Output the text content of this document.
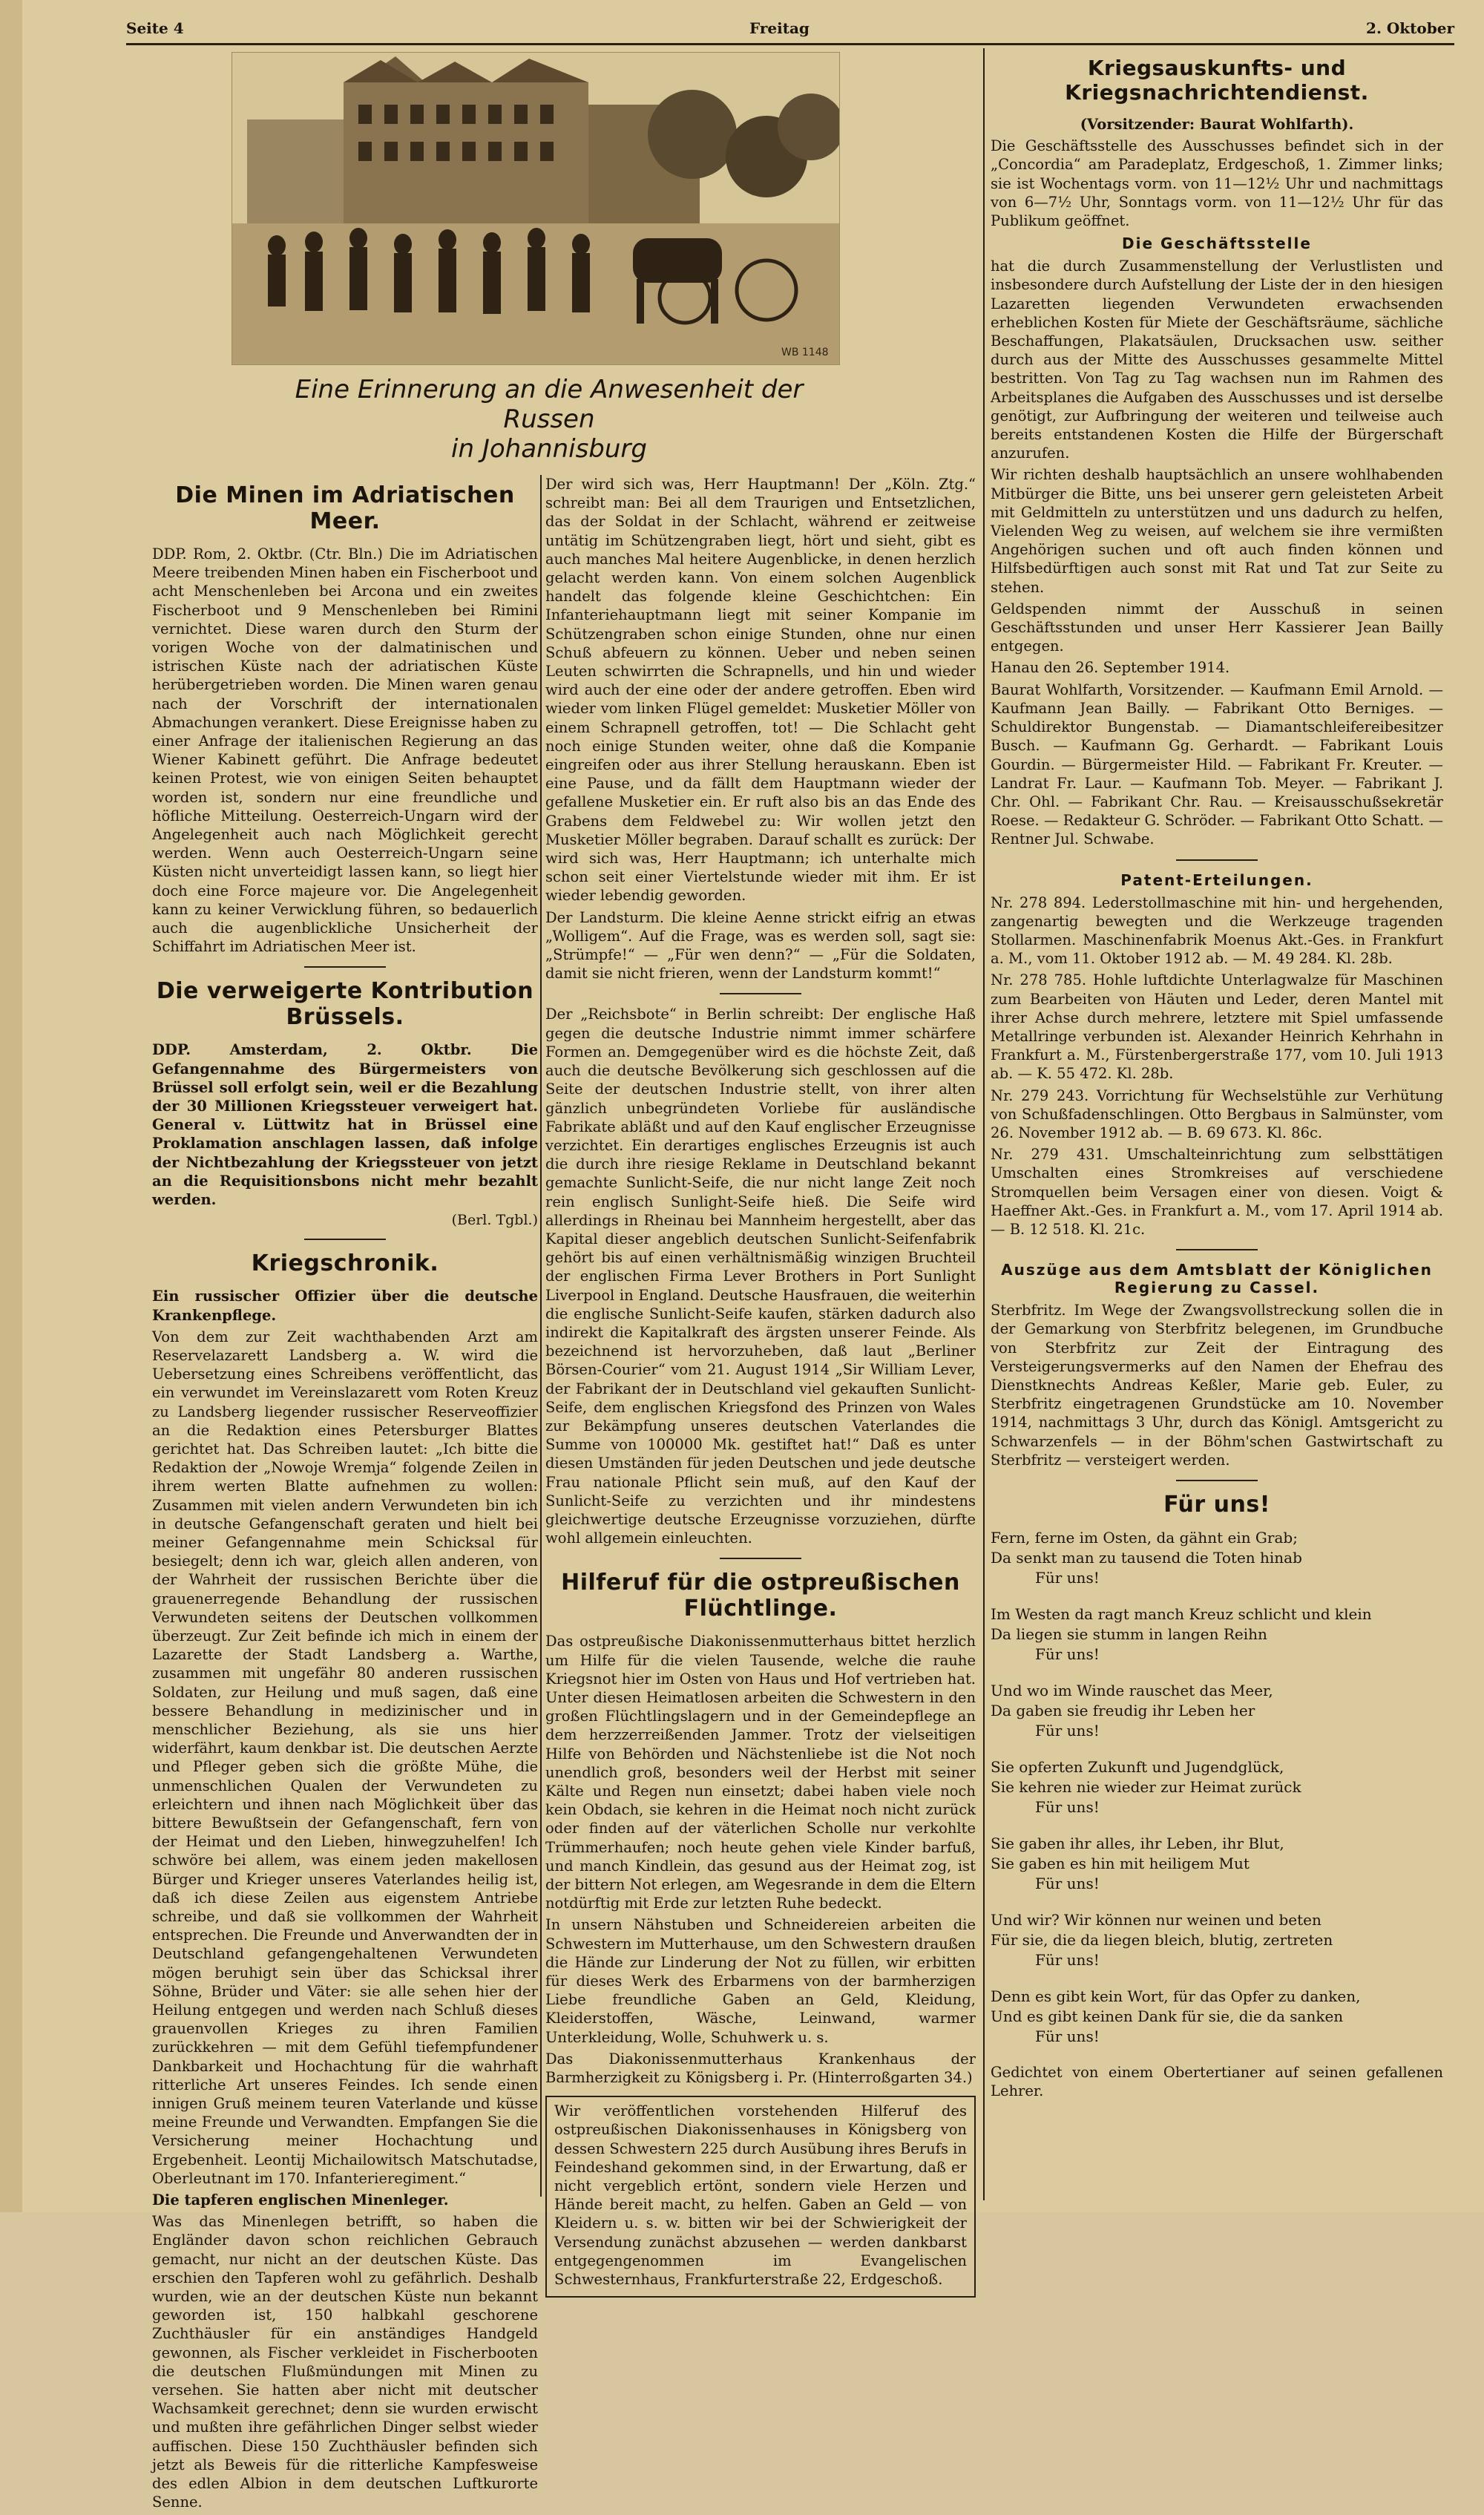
Seite 4	Freitag	2. Oktober
WB 1148
Eine Erinnerung an die Anwesenheit der Russen
in Johannisburg
Die Minen im Adriatischen Meer.

DDP. Rom, 2. Oktbr. (Ctr. Bln.) Die im Adriatischen Meere treibenden Minen haben ein Fischerboot und acht Menschenleben bei Arcona und ein zweites Fischerboot und 9 Menschenleben bei Rimini vernichtet. Diese waren durch den Sturm der vorigen Woche von der dalmatinischen und istrischen Küste nach der adriatischen Küste herübergetrieben worden. Die Minen waren genau nach der Vorschrift der internationalen Abmachungen verankert. Diese Ereignisse haben zu einer Anfrage der italienischen Regierung an das Wiener Kabinett geführt. Die Anfrage bedeutet keinen Protest, wie von einigen Seiten behauptet worden ist, sondern nur eine freundliche und höfliche Mitteilung. Oesterreich-Ungarn wird der Angelegenheit auch nach Möglichkeit gerecht werden. Wenn auch Oesterreich-Ungarn seine Küsten nicht unverteidigt lassen kann, so liegt hier doch eine Force majeure vor. Die Angelegenheit kann zu keiner Verwicklung führen, so bedauerlich auch die augenblickliche Unsicherheit der Schiffahrt im Adriatischen Meer ist.

Die verweigerte Kontribution Brüssels.

DDP. Amsterdam, 2. Oktbr. Die Gefangennahme des Bürgermeisters von Brüssel soll erfolgt sein, weil er die Bezahlung der 30 Millionen Kriegssteuer verweigert hat. General v. Lüttwitz hat in Brüssel eine Proklamation anschlagen lassen, daß infolge der Nichtbezahlung der Kriegssteuer von jetzt an die Requisitionsbons nicht mehr bezahlt werden.

(Berl. Tgbl.)
Kriegschronik.

Ein russischer Offizier über die deutsche Krankenpflege.

Von dem zur Zeit wachthabenden Arzt am Reservelazarett Landsberg a. W. wird die Uebersetzung eines Schreibens veröffentlicht, das ein verwundet im Vereinslazarett vom Roten Kreuz zu Landsberg liegender russischer Reserveoffizier an die Redaktion eines Petersburger Blattes gerichtet hat. Das Schreiben lautet: „Ich bitte die Redaktion der „Nowoje Wremja“ folgende Zeilen in ihrem werten Blatte aufnehmen zu wollen: Zusammen mit vielen andern Verwundeten bin ich in deutsche Gefangenschaft geraten und hielt bei meiner Gefangennahme mein Schicksal für besiegelt; denn ich war, gleich allen anderen, von der Wahrheit der russischen Berichte über die grauenerregende Behandlung der russischen Verwundeten seitens der Deutschen vollkommen überzeugt. Zur Zeit befinde ich mich in einem der Lazarette der Stadt Landsberg a. Warthe, zusammen mit ungefähr 80 anderen russischen Soldaten, zur Heilung und muß sagen, daß eine bessere Behandlung in medizinischer und in menschlicher Beziehung, als sie uns hier widerfährt, kaum denkbar ist. Die deutschen Aerzte und Pfleger geben sich die größte Mühe, die unmenschlichen Qualen der Verwundeten zu erleichtern und ihnen nach Möglichkeit über das bittere Bewußtsein der Gefangenschaft, fern von der Heimat und den Lieben, hinwegzuhelfen! Ich schwöre bei allem, was einem jeden makellosen Bürger und Krieger unseres Vaterlandes heilig ist, daß ich diese Zeilen aus eigenstem Antriebe schreibe, und daß sie vollkommen der Wahrheit entsprechen. Die Freunde und Anverwandten der in Deutschland gefangengehaltenen Verwundeten mögen beruhigt sein über das Schicksal ihrer Söhne, Brüder und Väter: sie alle sehen hier der Heilung entgegen und werden nach Schluß dieses grauenvollen Krieges zu ihren Familien zurückkehren — mit dem Gefühl tiefempfundener Dankbarkeit und Hochachtung für die wahrhaft ritterliche Art unseres Feindes. Ich sende einen innigen Gruß meinem teuren Vaterlande und küsse meine Freunde und Verwandten. Empfangen Sie die Versicherung meiner Hochachtung und Ergebenheit. Leontij Michailowitsch Matschutadse, Oberleutnant im 170. Infanterieregiment.“

Die tapferen englischen Minenleger.

Was das Minenlegen betrifft, so haben die Engländer davon schon reichlichen Gebrauch gemacht, nur nicht an der deutschen Küste. Das erschien den Tapferen wohl zu gefährlich. Deshalb wurden, wie an der deutschen Küste nun bekannt geworden ist, 150 halbkahl geschorene Zuchthäusler für ein anständiges Handgeld gewonnen, als Fischer verkleidet in Fischerbooten die deutschen Flußmündungen mit Minen zu versehen. Sie hatten aber nicht mit deutscher Wachsamkeit gerechnet; denn sie wurden erwischt und mußten ihre gefährlichen Dinger selbst wieder auffischen. Diese 150 Zuchthäusler befinden sich jetzt als Beweis für die ritterliche Kampfesweise des edlen Albion in dem deutschen Luftkurorte Senne.

Der wird sich was, Herr Hauptmann! Der „Köln. Ztg.“ schreibt man: Bei all dem Traurigen und Entsetzlichen, das der Soldat in der Schlacht, während er zeitweise untätig im Schützengraben liegt, hört und sieht, gibt es auch manches Mal heitere Augenblicke, in denen herzlich gelacht werden kann. Von einem solchen Augenblick handelt das folgende kleine Geschichtchen: Ein Infanteriehauptmann liegt mit seiner Kompanie im Schützengraben schon einige Stunden, ohne nur einen Schuß abfeuern zu können. Ueber und neben seinen Leuten schwirrten die Schrapnells, und hin und wieder wird auch der eine oder der andere getroffen. Eben wird wieder vom linken Flügel gemeldet: Musketier Möller von einem Schrapnell getroffen, tot! — Die Schlacht geht noch einige Stunden weiter, ohne daß die Kompanie eingreifen oder aus ihrer Stellung herauskann. Eben ist eine Pause, und da fällt dem Hauptmann wieder der gefallene Musketier ein. Er ruft also bis an das Ende des Grabens dem Feldwebel zu: Wir wollen jetzt den Musketier Möller begraben. Darauf schallt es zurück: Der wird sich was, Herr Hauptmann; ich unterhalte mich schon seit einer Viertelstunde wieder mit ihm. Er ist wieder lebendig geworden.

Der Landsturm. Die kleine Aenne strickt eifrig an etwas „Wolligem“. Auf die Frage, was es werden soll, sagt sie: „Strümpfe!“ — „Für wen denn?“ — „Für die Soldaten, damit sie nicht frieren, wenn der Landsturm kommt!“

Der „Reichsbote“ in Berlin schreibt: Der englische Haß gegen die deutsche Industrie nimmt immer schärfere Formen an. Demgegenüber wird es die höchste Zeit, daß auch die deutsche Bevölkerung sich geschlossen auf die Seite der deutschen Industrie stellt, von ihrer alten gänzlich unbegründeten Vorliebe für ausländische Fabrikate abläßt und auf den Kauf englischer Erzeugnisse verzichtet. Ein derartiges englisches Erzeugnis ist auch die durch ihre riesige Reklame in Deutschland bekannt gemachte Sunlicht-Seife, die nur nicht lange Zeit noch rein englisch Sunlight-Seife hieß. Die Seife wird allerdings in Rheinau bei Mannheim hergestellt, aber das Kapital dieser angeblich deutschen Sunlicht-Seifenfabrik gehört bis auf einen verhältnismäßig winzigen Bruchteil der englischen Firma Lever Brothers in Port Sunlight Liverpool in England. Deutsche Hausfrauen, die weiterhin die englische Sunlicht-Seife kaufen, stärken dadurch also indirekt die Kapitalkraft des ärgsten unserer Feinde. Als bezeichnend ist hervorzuheben, daß laut „Berliner Börsen-Courier“ vom 21. August 1914 „Sir William Lever, der Fabrikant der in Deutschland viel gekauften Sunlicht-Seife, dem englischen Kriegsfond des Prinzen von Wales zur Bekämpfung unseres deutschen Vaterlandes die Summe von 100000 Mk. gestiftet hat!“ Daß es unter diesen Umständen für jeden Deutschen und jede deutsche Frau nationale Pflicht sein muß, auf den Kauf der Sunlicht-Seife zu verzichten und ihr mindestens gleichwertige deutsche Erzeugnisse vorzuziehen, dürfte wohl allgemein einleuchten.

Hilferuf für die ostpreußischen Flüchtlinge.

Das ostpreußische Diakonissenmutterhaus bittet herzlich um Hilfe für die vielen Tausende, welche die rauhe Kriegsnot hier im Osten von Haus und Hof vertrieben hat. Unter diesen Heimatlosen arbeiten die Schwestern in den großen Flüchtlingslagern und in der Gemeindepflege an dem herzzerreißenden Jammer. Trotz der vielseitigen Hilfe von Behörden und Nächstenliebe ist die Not noch unendlich groß, besonders weil der Herbst mit seiner Kälte und Regen nun einsetzt; dabei haben viele noch kein Obdach, sie kehren in die Heimat noch nicht zurück oder finden auf der väterlichen Scholle nur verkohlte Trümmerhaufen; noch heute gehen viele Kinder barfuß, und manch Kindlein, das gesund aus der Heimat zog, ist der bittern Not erlegen, am Wegesrande in dem die Eltern notdürftig mit Erde zur letzten Ruhe bedeckt.

In unsern Nähstuben und Schneidereien arbeiten die Schwestern im Mutterhause, um den Schwestern draußen die Hände zur Linderung der Not zu füllen, wir erbitten für dieses Werk des Erbarmens von der barmherzigen Liebe freundliche Gaben an Geld, Kleidung, Kleiderstoffen, Wäsche, Leinwand, warmer Unterkleidung, Wolle, Schuhwerk u. s.

Das Diakonissenmutterhaus Krankenhaus der Barmherzigkeit zu Königsberg i. Pr. (Hinterroßgarten 34.)

Wir veröffentlichen vorstehenden Hilferuf des ostpreußischen Diakonissenhauses in Königsberg von dessen Schwestern 225 durch Ausübung ihres Berufs in Feindeshand gekommen sind, in der Erwartung, daß er nicht vergeblich ertönt, sondern viele Herzen und Hände bereit macht, zu helfen. Gaben an Geld — von Kleidern u. s. w. bitten wir bei der Schwierigkeit der Versendung zunächst abzusehen — werden dankbarst entgegengenommen im Evangelischen Schwesternhaus, Frankfurterstraße 22, Erdgeschoß.

Kriegsauskunfts- und Kriegsnachrichtendienst.

(Vorsitzender: Baurat Wohlfarth).

Die Geschäftsstelle des Ausschusses befindet sich in der „Concordia“ am Paradeplatz, Erdgeschoß, 1. Zimmer links; sie ist Wochentags vorm. von 11—12½ Uhr und nachmittags von 6—7½ Uhr, Sonntags vorm. von 11—12½ Uhr für das Publikum geöffnet.

Die Geschäftsstelle

hat die durch Zusammenstellung der Verlustlisten und insbesondere durch Aufstellung der Liste der in den hiesigen Lazaretten liegenden Verwundeten erwachsenden erheblichen Kosten für Miete der Geschäftsräume, sächliche Beschaffungen, Plakatsäulen, Drucksachen usw. seither durch aus der Mitte des Ausschusses gesammelte Mittel bestritten. Von Tag zu Tag wachsen nun im Rahmen des Arbeitsplanes die Aufgaben des Ausschusses und ist derselbe genötigt, zur Aufbringung der weiteren und teilweise auch bereits entstandenen Kosten die Hilfe der Bürgerschaft anzurufen.

Wir richten deshalb hauptsächlich an unsere wohlhabenden Mitbürger die Bitte, uns bei unserer gern geleisteten Arbeit mit Geldmitteln zu unterstützen und uns dadurch zu helfen, Vielenden Weg zu weisen, auf welchem sie ihre vermißten Angehörigen suchen und oft auch finden können und Hilfsbedürftigen auch sonst mit Rat und Tat zur Seite zu stehen.

Geldspenden nimmt der Ausschuß in seinen Geschäftsstunden und unser Herr Kassierer Jean Bailly entgegen.

Hanau den 26. September 1914.

Baurat Wohlfarth, Vorsitzender. — Kaufmann Emil Arnold. — Kaufmann Jean Bailly. — Fabrikant Otto Berniges. — Schuldirektor Bungenstab. — Diamantschleifereibesitzer Busch. — Kaufmann Gg. Gerhardt. — Fabrikant Louis Gourdin. — Bürgermeister Hild. — Fabrikant Fr. Kreuter. — Landrat Fr. Laur. — Kaufmann Tob. Meyer. — Fabrikant J. Chr. Ohl. — Fabrikant Chr. Rau. — Kreisausschußsekretär Roese. — Redakteur G. Schröder. — Fabrikant Otto Schatt. — Rentner Jul. Schwabe.

Patent-Erteilungen.

Nr. 278 894. Lederstollmaschine mit hin- und hergehenden, zangenartig bewegten und die Werkzeuge tragenden Stollarmen. Maschinenfabrik Moenus Akt.-Ges. in Frankfurt a. M., vom 11. Oktober 1912 ab. — M. 49 284. Kl. 28b.

Nr. 278 785. Hohle luftdichte Unterlagwalze für Maschinen zum Bearbeiten von Häuten und Leder, deren Mantel mit ihrer Achse durch mehrere, letztere mit Spiel umfassende Metallringe verbunden ist. Alexander Heinrich Kehrhahn in Frankfurt a. M., Fürstenbergerstraße 177, vom 10. Juli 1913 ab. — K. 55 472. Kl. 28b.

Nr. 279 243. Vorrichtung für Wechselstühle zur Verhütung von Schußfadenschlingen. Otto Bergbaus in Salmünster, vom 26. November 1912 ab. — B. 69 673. Kl. 86c.

Nr. 279 431. Umschalteinrichtung zum selbsttätigen Umschalten eines Stromkreises auf verschiedene Stromquellen beim Versagen einer von diesen. Voigt & Haeffner Akt.-Ges. in Frankfurt a. M., vom 17. April 1914 ab. — B. 12 518. Kl. 21c.

Auszüge aus dem Amtsblatt der Königlichen Regierung zu Cassel.

Sterbfritz. Im Wege der Zwangsvollstreckung sollen die in der Gemarkung von Sterbfritz belegenen, im Grundbuche von Sterbfritz zur Zeit der Eintragung des Versteigerungsvermerks auf den Namen der Ehefrau des Dienstknechts Andreas Keßler, Marie geb. Euler, zu Sterbfritz eingetragenen Grundstücke am 10. November 1914, nachmittags 3 Uhr, durch das Königl. Amtsgericht zu Schwarzenfels — in der Böhm'schen Gastwirtschaft zu Sterbfritz — versteigert werden.

Für uns!

Fern, ferne im Osten, da gähnt ein Grab;

Da senkt man zu tausend die Toten hinab

Für uns!

Im Westen da ragt manch Kreuz schlicht und klein

Da liegen sie stumm in langen Reihn

Für uns!

Und wo im Winde rauschet das Meer,

Da gaben sie freudig ihr Leben her

Für uns!

Sie opferten Zukunft und Jugendglück,

Sie kehren nie wieder zur Heimat zurück

Für uns!

Sie gaben ihr alles, ihr Leben, ihr Blut,

Sie gaben es hin mit heiligem Mut

Für uns!

Und wir? Wir können nur weinen und beten

Für sie, die da liegen bleich, blutig, zertreten

Für uns!

Denn es gibt kein Wort, für das Opfer zu danken,

Und es gibt keinen Dank für sie, die da sanken

Für uns!

Gedichtet von einem Obertertianer auf seinen gefallenen Lehrer.
